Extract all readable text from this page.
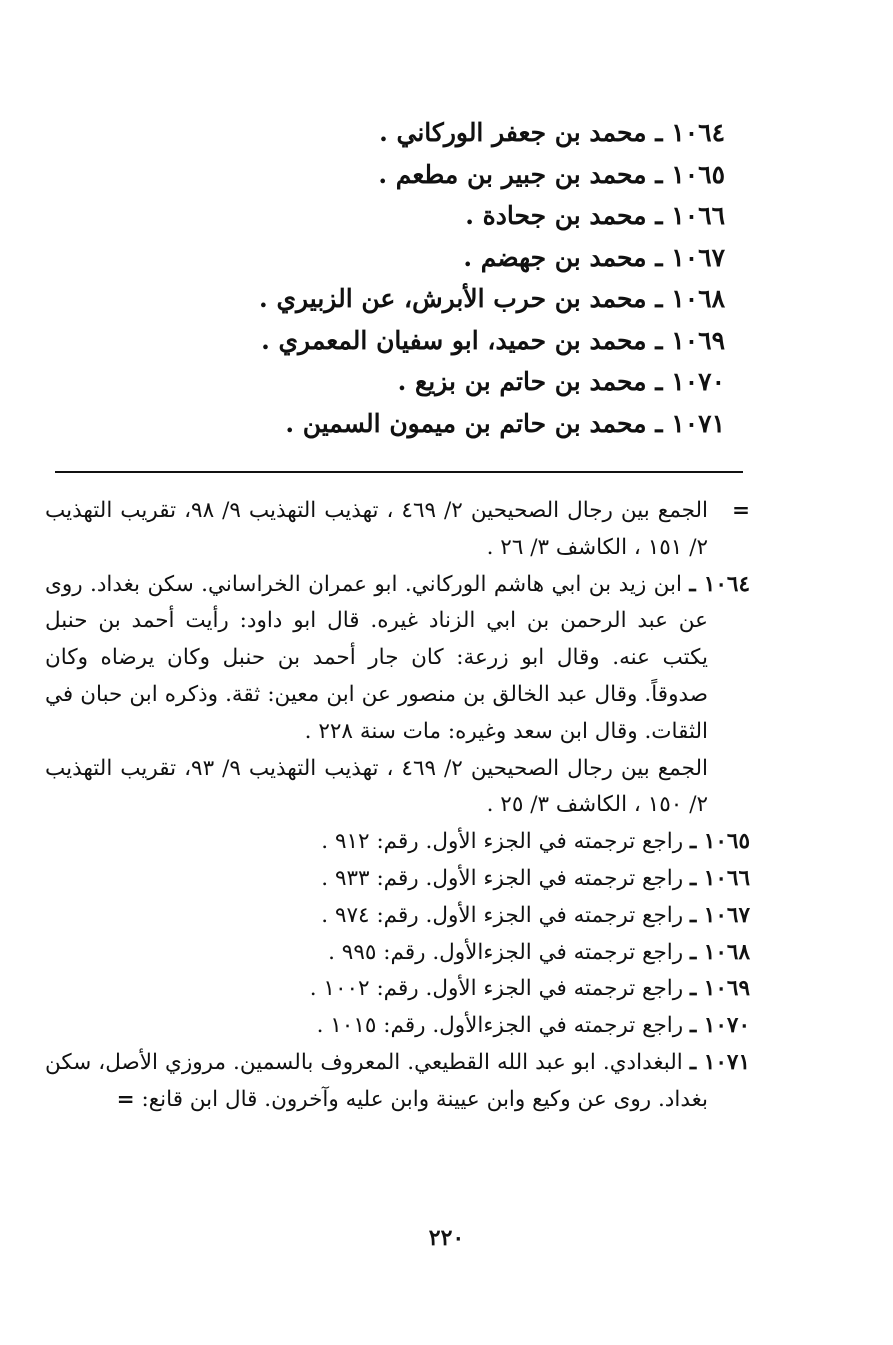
١٠٦٤ ـ محمد بن جعفر الوركاني .
١٠٦٥ ـ محمد بن جبير بن مطعم .
١٠٦٦ ـ محمد بن جحادة .
١٠٦٧ ـ محمد بن جهضم .
١٠٦٨ ـ محمد بن حرب الأبرش، عن الزبيري .
١٠٦٩ ـ محمد بن حميد، ابو سفيان المعمري .
١٠٧٠ ـ محمد بن حاتم بن بزيع .
١٠٧١ ـ محمد بن حاتم بن ميمون السمين .

=   الجمع بين رجال الصحيحين ٢/ ٤٦٩ ، تهذيب التهذيب ٩/ ٩٨، تقريب التهذيب ٢/ ١٥١ ، الكاشف ٣/ ٢٦ .

١٠٦٤ ـ ابن زيد بن ابي هاشم الوركاني. ابو عمران الخراساني. سكن بغداد. روى عن عبد الرحمن بن ابي الزناد غيره. قال ابو داود: رأيت أحمد بن حنبل يكتب عنه. وقال ابو زرعة: كان جار أحمد بن حنبل وكان يرضاه وكان صدوقاً. وقال عبد الخالق بن منصور عن ابن معين: ثقة. وذكره ابن حبان في الثقات. وقال ابن سعد وغيره: مات سنة ٢٢٨ .

الجمع بين رجال الصحيحين ٢/ ٤٦٩ ، تهذيب التهذيب ٩/ ٩٣، تقريب التهذيب ٢/ ١٥٠ ، الكاشف ٣/ ٢٥ .

١٠٦٥ ـ راجع ترجمته في الجزء الأول. رقم: ٩١٢ .

١٠٦٦ ـ راجع ترجمته في الجزء الأول. رقم: ٩٣٣ .

١٠٦٧ ـ راجع ترجمته في الجزء الأول. رقم: ٩٧٤ .

١٠٦٨ ـ راجع ترجمته في الجزءالأول. رقم: ٩٩٥ .

١٠٦٩ ـ راجع ترجمته في الجزء الأول. رقم: ١٠٠٢ .

١٠٧٠ ـ راجع ترجمته في الجزءالأول. رقم: ١٠١٥ .

١٠٧١ ـ البغدادي. ابو عبد الله القطيعي. المعروف بالسمين. مروزي الأصل، سكن بغداد. روى عن وكيع وابن عيينة وابن عليه وآخرون. قال ابن قانع: =

٢٢٠
